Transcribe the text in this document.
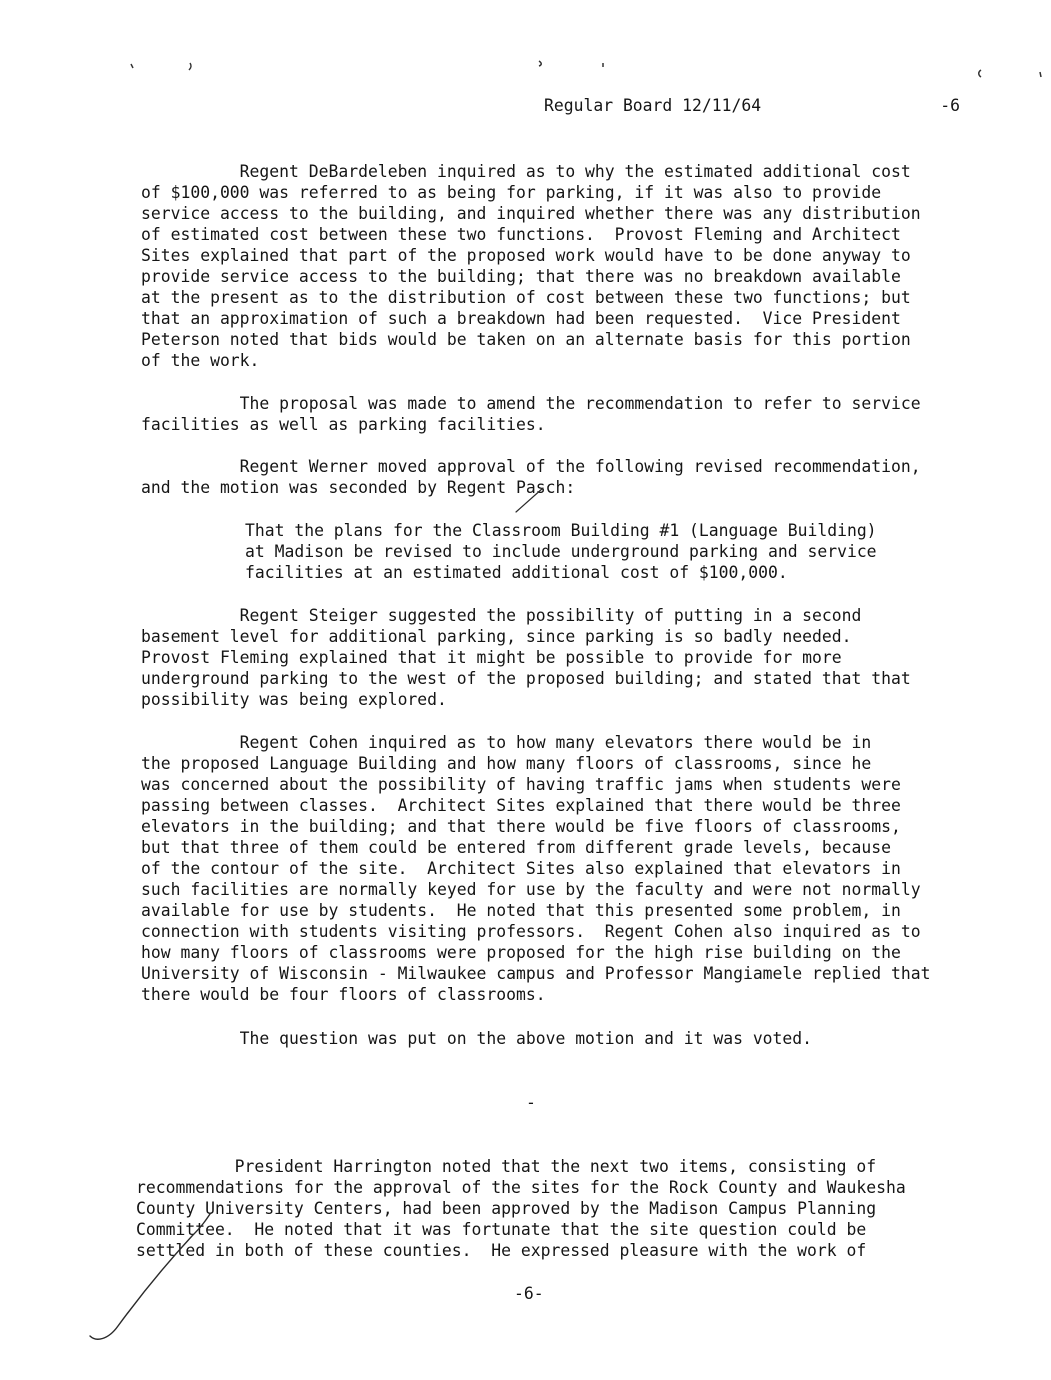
Regular Board 12/11/64	-6
Regent DeBardeleben inquired as to why the estimated additional cost
of $100,000 was referred to as being for parking, if it was also to provide
service access to the building, and inquired whether there was any distribution
of estimated cost between these two functions.  Provost Fleming and Architect
Sites explained that part of the proposed work would have to be done anyway to
provide service access to the building; that there was no breakdown available
at the present as to the distribution of cost between these two functions; but
that an approximation of such a breakdown had been requested.  Vice President
Peterson noted that bids would be taken on an alternate basis for this portion
of the work.
The proposal was made to amend the recommendation to refer to service
facilities as well as parking facilities.
Regent Werner moved approval of the following revised recommendation,
and the motion was seconded by Regent Pasch:
That the plans for the Classroom Building #1 (Language Building)
at Madison be revised to include underground parking and service
facilities at an estimated additional cost of $100,000.
Regent Steiger suggested the possibility of putting in a second
basement level for additional parking, since parking is so badly needed.
Provost Fleming explained that it might be possible to provide for more
underground parking to the west of the proposed building; and stated that that
possibility was being explored.
Regent Cohen inquired as to how many elevators there would be in
the proposed Language Building and how many floors of classrooms, since he
was concerned about the possibility of having traffic jams when students were
passing between classes.  Architect Sites explained that there would be three
elevators in the building; and that there would be five floors of classrooms,
but that three of them could be entered from different grade levels, because
of the contour of the site.  Architect Sites also explained that elevators in
such facilities are normally keyed for use by the faculty and were not normally
available for use by students.  He noted that this presented some problem, in
connection with students visiting professors.  Regent Cohen also inquired as to
how many floors of classrooms were proposed for the high rise building on the
University of Wisconsin - Milwaukee campus and Professor Mangiamele replied that
there would be four floors of classrooms.
The question was put on the above motion and it was voted.
-
President Harrington noted that the next two items, consisting of
recommendations for the approval of the sites for the Rock County and Waukesha
County University Centers, had been approved by the Madison Campus Planning
Committee.  He noted that it was fortunate that the site question could be
settled in both of these counties.  He expressed pleasure with the work of
-6-
